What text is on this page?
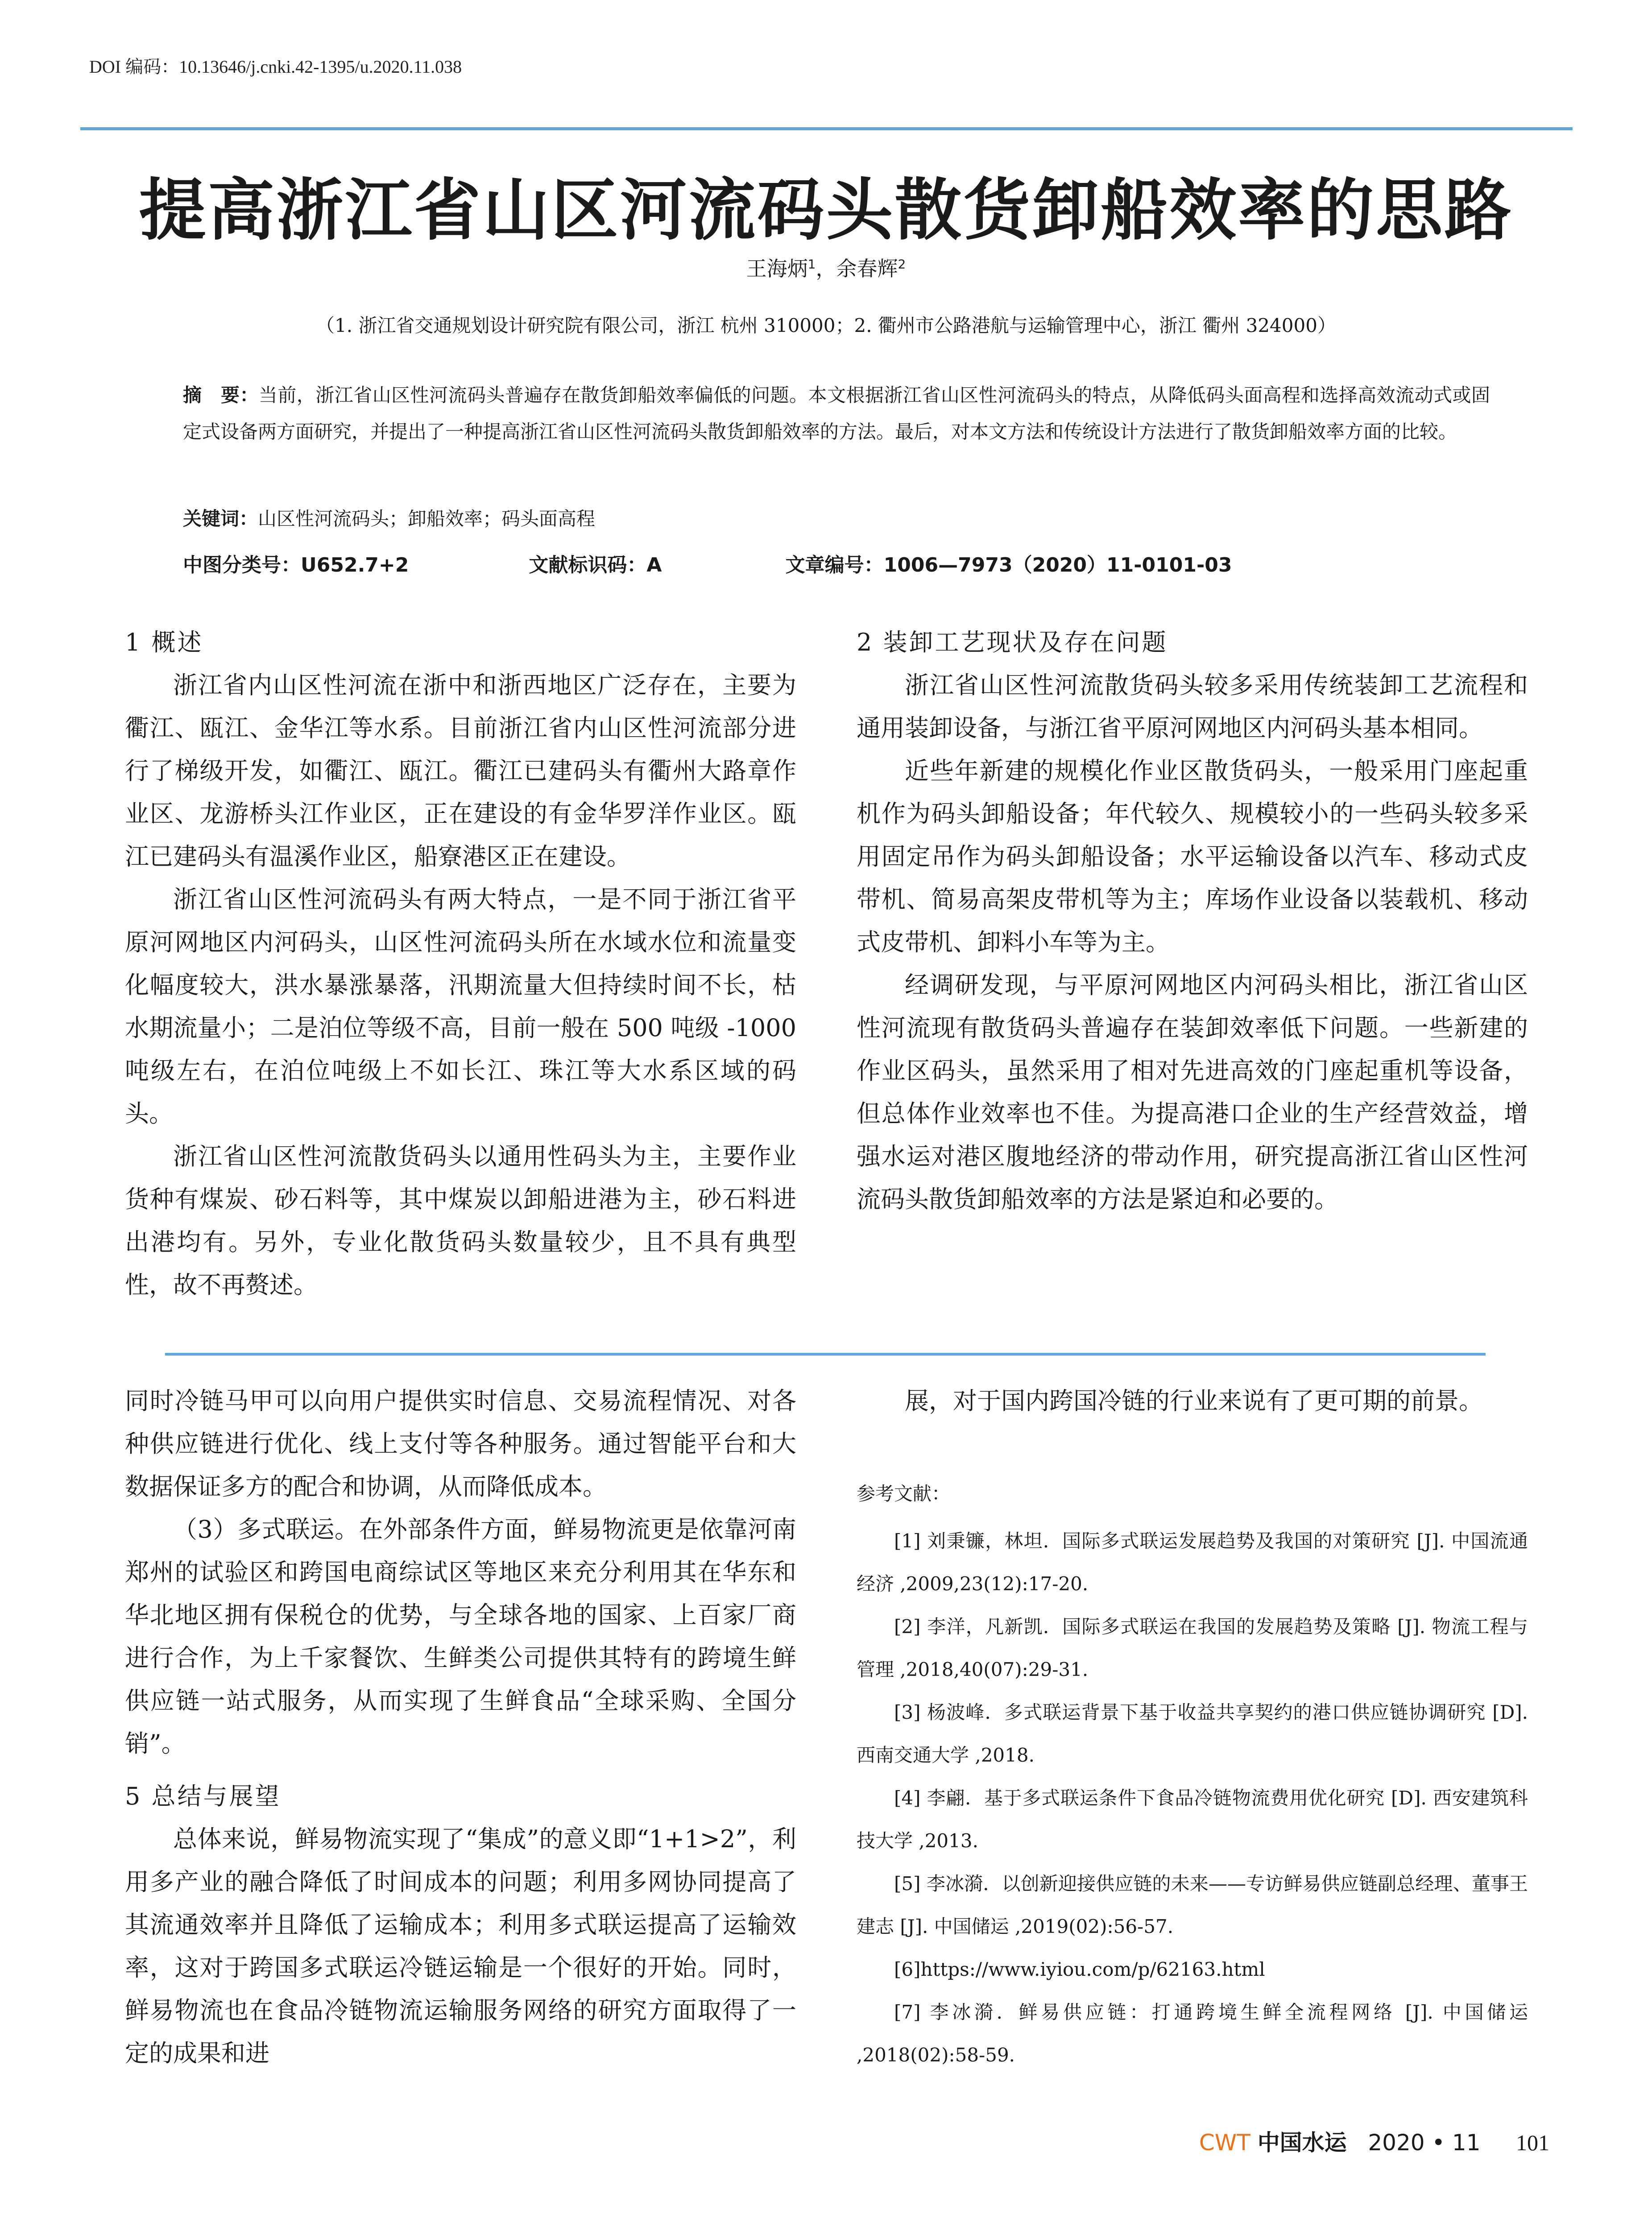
DOI 编码：10.13646/j.cnki.42-1395/u.2020.11.038
提高浙江省山区河流码头散货卸船效率的思路
王海炳$^1$，余春辉$^2$
（1. 浙江省交通规划设计研究院有限公司，浙江 杭州 310000；2. 衢州市公路港航与运输管理中心，浙江 衢州 324000）
摘　要：当前，浙江省山区性河流码头普遍存在散货卸船效率偏低的问题。本文根据浙江省山区性河流码头的特点，从降低码头面高程和选择高效流动式或固定式设备两方面研究，并提出了一种提高浙江省山区性河流码头散货卸船效率的方法。最后，对本文方法和传统设计方法进行了散货卸船效率方面的比较。
关键词：山区性河流码头；卸船效率；码头面高程
中图分类号：U652.7+2	文献标识码：A	文章编号：1006—7973（2020）11-0101-03
1 概述

浙江省内山区性河流在浙中和浙西地区广泛存在，主要为衢江、瓯江、金华江等水系。目前浙江省内山区性河流部分进行了梯级开发，如衢江、瓯江。衢江已建码头有衢州大路章作业区、龙游桥头江作业区，正在建设的有金华罗洋作业区。瓯江已建码头有温溪作业区，船寮港区正在建设。

浙江省山区性河流码头有两大特点，一是不同于浙江省平原河网地区内河码头，山区性河流码头所在水域水位和流量变化幅度较大，洪水暴涨暴落，汛期流量大但持续时间不长，枯水期流量小；二是泊位等级不高，目前一般在 500 吨级 -1000 吨级左右，在泊位吨级上不如长江、珠江等大水系区域的码头。

浙江省山区性河流散货码头以通用性码头为主，主要作业货种有煤炭、砂石料等，其中煤炭以卸船进港为主，砂石料进出港均有。另外，专业化散货码头数量较少，且不具有典型性，故不再赘述。

2 装卸工艺现状及存在问题

浙江省山区性河流散货码头较多采用传统装卸工艺流程和通用装卸设备，与浙江省平原河网地区内河码头基本相同。

近些年新建的规模化作业区散货码头，一般采用门座起重机作为码头卸船设备；年代较久、规模较小的一些码头较多采用固定吊作为码头卸船设备；水平运输设备以汽车、移动式皮带机、简易高架皮带机等为主；库场作业设备以装载机、移动式皮带机、卸料小车等为主。

经调研发现，与平原河网地区内河码头相比，浙江省山区性河流现有散货码头普遍存在装卸效率低下问题。一些新建的作业区码头，虽然采用了相对先进高效的门座起重机等设备，但总体作业效率也不佳。为提高港口企业的生产经营效益，增强水运对港区腹地经济的带动作用，研究提高浙江省山区性河流码头散货卸船效率的方法是紧迫和必要的。

同时冷链马甲可以向用户提供实时信息、交易流程情况、对各种供应链进行优化、线上支付等各种服务。通过智能平台和大数据保证多方的配合和协调，从而降低成本。

（3）多式联运。在外部条件方面，鲜易物流更是依靠河南郑州的试验区和跨国电商综试区等地区来充分利用其在华东和华北地区拥有保税仓的优势，与全球各地的国家、上百家厂商进行合作，为上千家餐饮、生鲜类公司提供其特有的跨境生鲜供应链一站式服务，从而实现了生鲜食品“全球采购、全国分销”。

5 总结与展望

总体来说，鲜易物流实现了“集成”的意义即“1+1>2”，利用多产业的融合降低了时间成本的问题；利用多网协同提高了其流通效率并且降低了运输成本；利用多式联运提高了运输效率，这对于跨国多式联运冷链运输是一个很好的开始。同时，鲜易物流也在食品冷链物流运输服务网络的研究方面取得了一定的成果和进

展，对于国内跨国冷链的行业来说有了更可期的前景。

参考文献：

[1] 刘秉镰，林坦．国际多式联运发展趋势及我国的对策研究 [J]. 中国流通经济 ,2009,23(12):17-20.

[2] 李洋，凡新凯．国际多式联运在我国的发展趋势及策略 [J]. 物流工程与管理 ,2018,40(07):29-31.

[3] 杨波峰．多式联运背景下基于收益共享契约的港口供应链协调研究 [D]. 西南交通大学 ,2018.

[4] 李翩．基于多式联运条件下食品冷链物流费用优化研究 [D]. 西安建筑科技大学 ,2013.

[5] 李冰漪．以创新迎接供应链的未来——专访鲜易供应链副总经理、董事王建志 [J]. 中国储运 ,2019(02):56-57.

[6]https://www.iyiou.com/p/62163.html

[7] 李冰漪．鲜易供应链：打通跨境生鲜全流程网络 [J]. 中国储运 ,2018(02):58-59.

CWT 中国水运 2020 • 11 101
